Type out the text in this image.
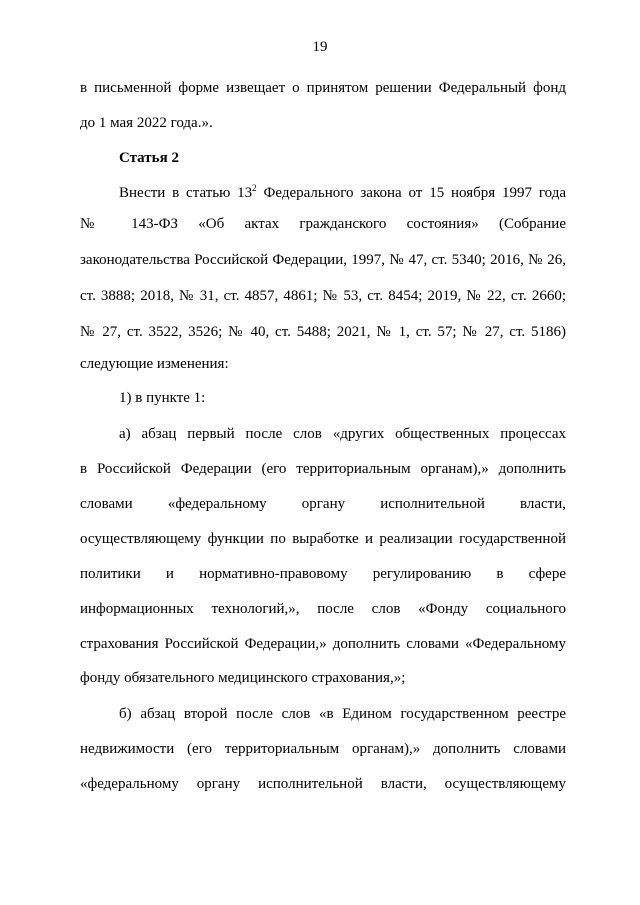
19
в письменной форме извещает о принятом решении Федеральный фонд
до 1 мая 2022 года.».
Статья 2
Внести в статью $13^2$ Федерального закона от 15 ноября 1997 года
№ 143-ФЗ «Об актах гражданского состояния» (Собрание
законодательства Российской Федерации, 1997, № 47, ст. 5340; 2016, № 26,
ст. 3888; 2018, № 31, ст. 4857, 4861; № 53, ст. 8454; 2019, № 22, ст. 2660;
№ 27, ст. 3522, 3526; № 40, ст. 5488; 2021, № 1, ст. 57; № 27, ст. 5186)
следующие изменения:
1) в пункте 1:
а) абзац первый после слов «других общественных процессах
в Российской Федерации (его территориальным органам),» дополнить
словами «федеральному органу исполнительной власти,
осуществляющему функции по выработке и реализации государственной
политики и нормативно-правовому регулированию в сфере
информационных технологий,», после слов «Фонду социального
страхования Российской Федерации,» дополнить словами «Федеральному
фонду обязательного медицинского страхования,»;
б) абзац второй после слов «в Едином государственном реестре
недвижимости (его территориальным органам),» дополнить словами
«федеральному органу исполнительной власти, осуществляющему
